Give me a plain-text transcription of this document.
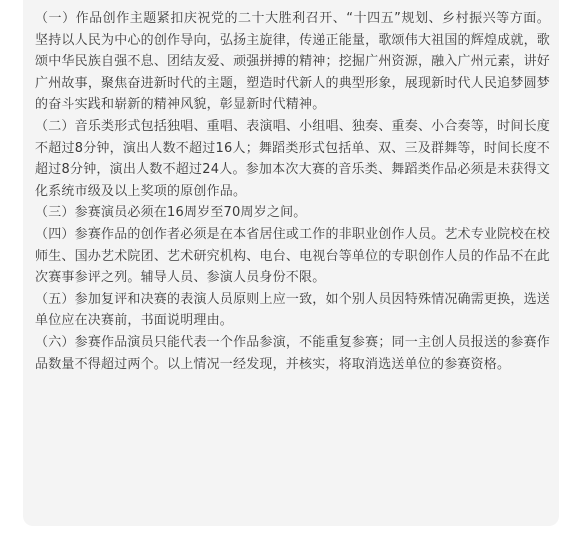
（一）作品创作主题紧扣庆祝党的二十大胜利召开、“十四五”规划、乡村振兴等方面。坚持以人民为中心的创作导向，弘扬主旋律，传递正能量，歌颂伟大祖国的辉煌成就，歌颂中华民族自强不息、团结友爱、顽强拼搏的精神；挖掘广州资源，融入广州元素，讲好广州故事，聚焦奋进新时代的主题，塑造时代新人的典型形象，展现新时代人民追梦圆梦的奋斗实践和崭新的精神风貌，彰显新时代精神。

（二）音乐类形式包括独唱、重唱、表演唱、小组唱、独奏、重奏、小合奏等，时间长度不超过8分钟，演出人数不超过16人；舞蹈类形式包括单、双、三及群舞等，时间长度不超过8分钟，演出人数不超过24人。参加本次大赛的音乐类、舞蹈类作品必须是未获得文化系统市级及以上奖项的原创作品。

（三）参赛演员必须在16周岁至70周岁之间。

（四）参赛作品的创作者必须是在本省居住或工作的非职业创作人员。艺术专业院校在校师生、国办艺术院团、艺术研究机构、电台、电视台等单位的专职创作人员的作品不在此次赛事参评之列。辅导人员、参演人员身份不限。

（五）参加复评和决赛的表演人员原则上应一致，如个别人员因特殊情况确需更换，选送单位应在决赛前，书面说明理由。

（六）参赛作品演员只能代表一个作品参演，不能重复参赛；同一主创人员报送的参赛作品数量不得超过两个。以上情况一经发现，并核实，将取消选送单位的参赛资格。
